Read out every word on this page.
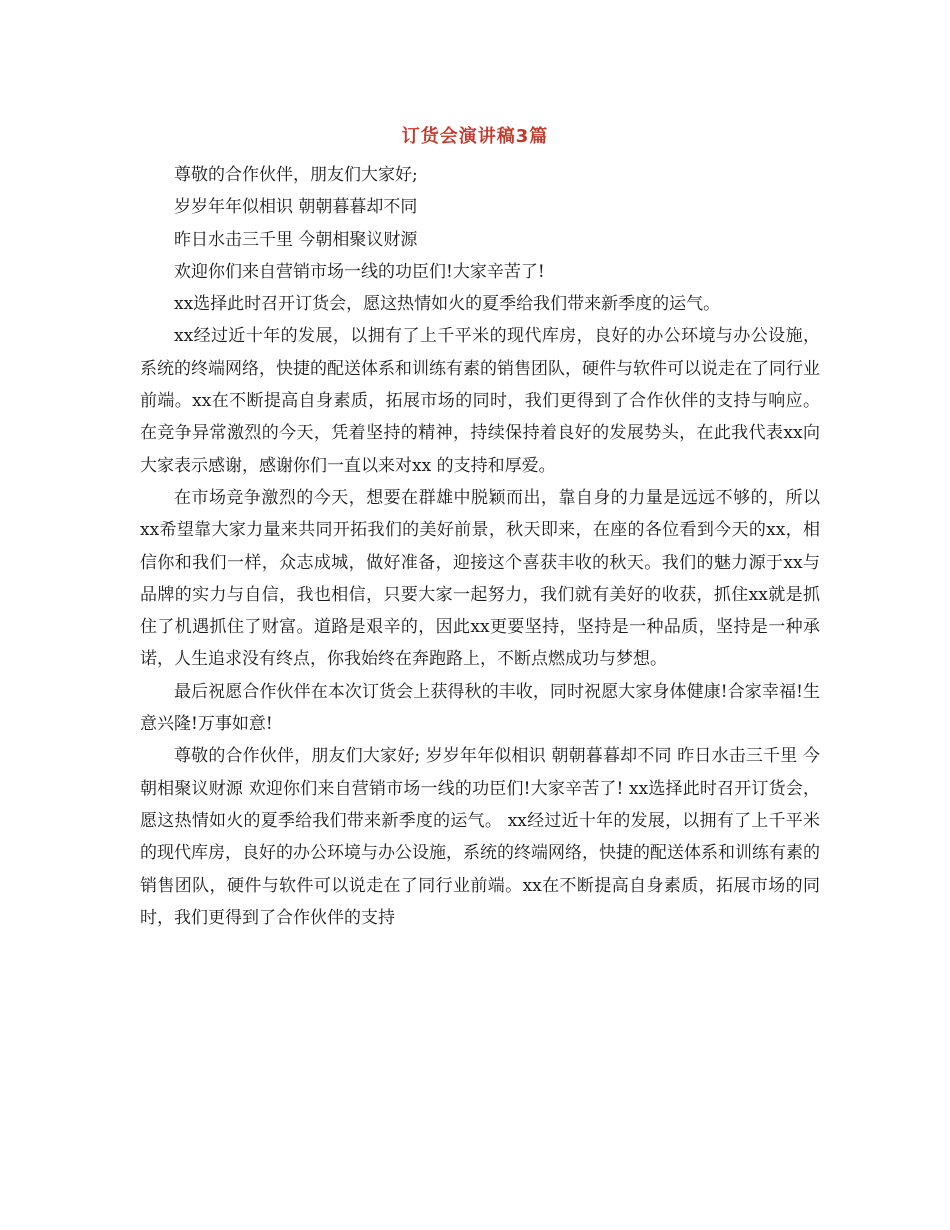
订货会演讲稿3篇

尊敬的合作伙伴，朋友们大家好;

岁岁年年似相识 朝朝暮暮却不同

昨日水击三千里 今朝相聚议财源

欢迎你们来自营销市场一线的功臣们!大家辛苦了!

xx选择此时召开订货会，愿这热情如火的夏季给我们带来新季度的运气。

xx经过近十年的发展，以拥有了上千平米的现代库房，良好的办公环境与办公设施，系统的终端网络，快捷的配送体系和训练有素的销售团队，硬件与软件可以说走在了同行业前端。xx在不断提高自身素质，拓展市场的同时，我们更得到了合作伙伴的支持与响应。在竞争异常激烈的今天，凭着坚持的精神，持续保持着良好的发展势头，在此我代表xx向大家表示感谢，感谢你们一直以来对xx 的支持和厚爱。

在市场竞争激烈的今天，想要在群雄中脱颖而出，靠自身的力量是远远不够的，所以xx希望靠大家力量来共同开拓我们的美好前景，秋天即来，在座的各位看到今天的xx，相信你和我们一样，众志成城，做好准备，迎接这个喜获丰收的秋天。我们的魅力源于xx与品牌的实力与自信，我也相信，只要大家一起努力，我们就有美好的收获，抓住xx就是抓住了机遇抓住了财富。道路是艰辛的，因此xx更要坚持，坚持是一种品质，坚持是一种承诺，人生追求没有终点，你我始终在奔跑路上，不断点燃成功与梦想。

最后祝愿合作伙伴在本次订货会上获得秋的丰收，同时祝愿大家身体健康!合家幸福!生意兴隆!万事如意!

尊敬的合作伙伴，朋友们大家好; 岁岁年年似相识 朝朝暮暮却不同 昨日水击三千里 今朝相聚议财源 欢迎你们来自营销市场一线的功臣们!大家辛苦了! xx选择此时召开订货会，愿这热情如火的夏季给我们带来新季度的运气。 xx经过近十年的发展，以拥有了上千平米的现代库房，良好的办公环境与办公设施，系统的终端网络，快捷的配送体系和训练有素的销售团队，硬件与软件可以说走在了同行业前端。xx在不断提高自身素质，拓展市场的同时，我们更得到了合作伙伴的支持
